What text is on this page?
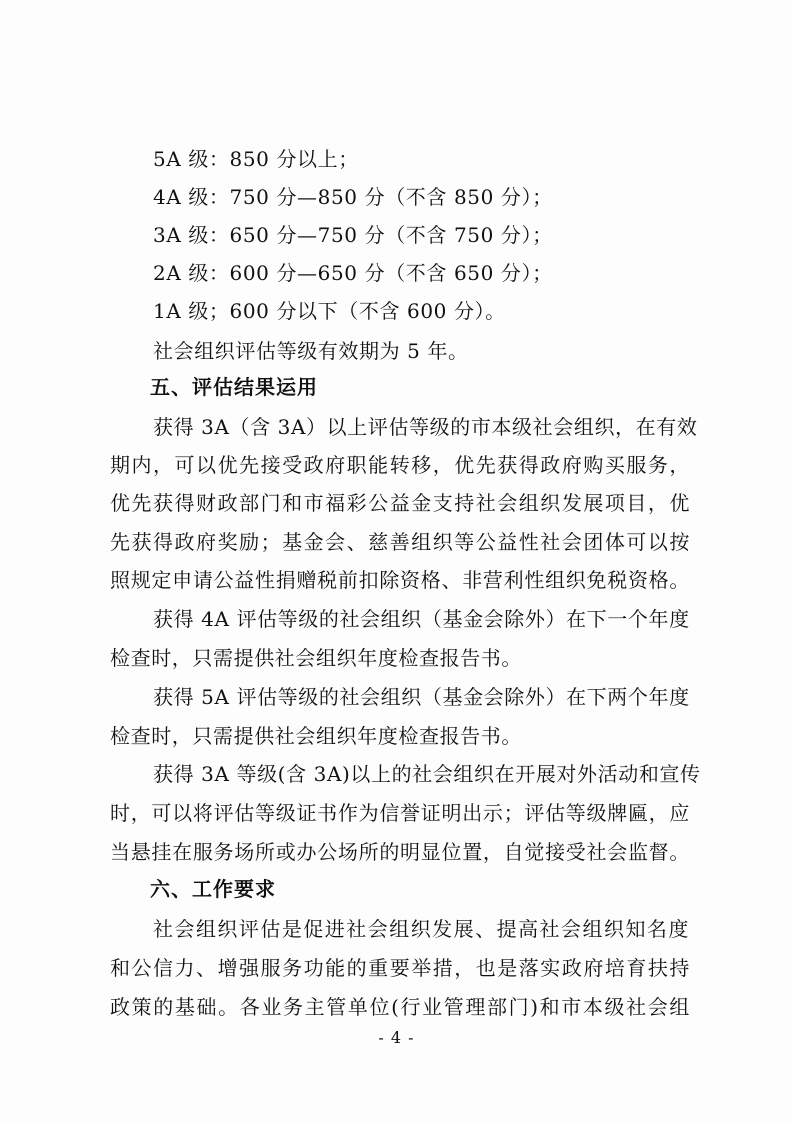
5A 级：850 分以上；
4A 级：750 分—850 分（不含 850 分）；
3A 级：650 分—750 分（不含 750 分）；
2A 级：600 分—650 分（不含 650 分）；
1A 级；600 分以下（不含 600 分）。
社会组织评估等级有效期为 5 年。
五、评估结果运用
获得 3A（含 3A）以上评估等级的市本级社会组织，在有效
期内，可以优先接受政府职能转移，优先获得政府购买服务，
优先获得财政部门和市福彩公益金支持社会组织发展项目，优
先获得政府奖励；基金会、慈善组织等公益性社会团体可以按
照规定申请公益性捐赠税前扣除资格、非营利性组织免税资格。
获得 4A 评估等级的社会组织（基金会除外）在下一个年度
检查时，只需提供社会组织年度检查报告书。
获得 5A 评估等级的社会组织（基金会除外）在下两个年度
检查时，只需提供社会组织年度检查报告书。
获得 3A 等级(含 3A)以上的社会组织在开展对外活动和宣传
时，可以将评估等级证书作为信誉证明出示；评估等级牌匾，应
当悬挂在服务场所或办公场所的明显位置，自觉接受社会监督。
六、工作要求
社会组织评估是促进社会组织发展、提高社会组织知名度
和公信力、增强服务功能的重要举措，也是落实政府培育扶持
政策的基础。各业务主管单位(行业管理部门)和市本级社会组
- 4 -
